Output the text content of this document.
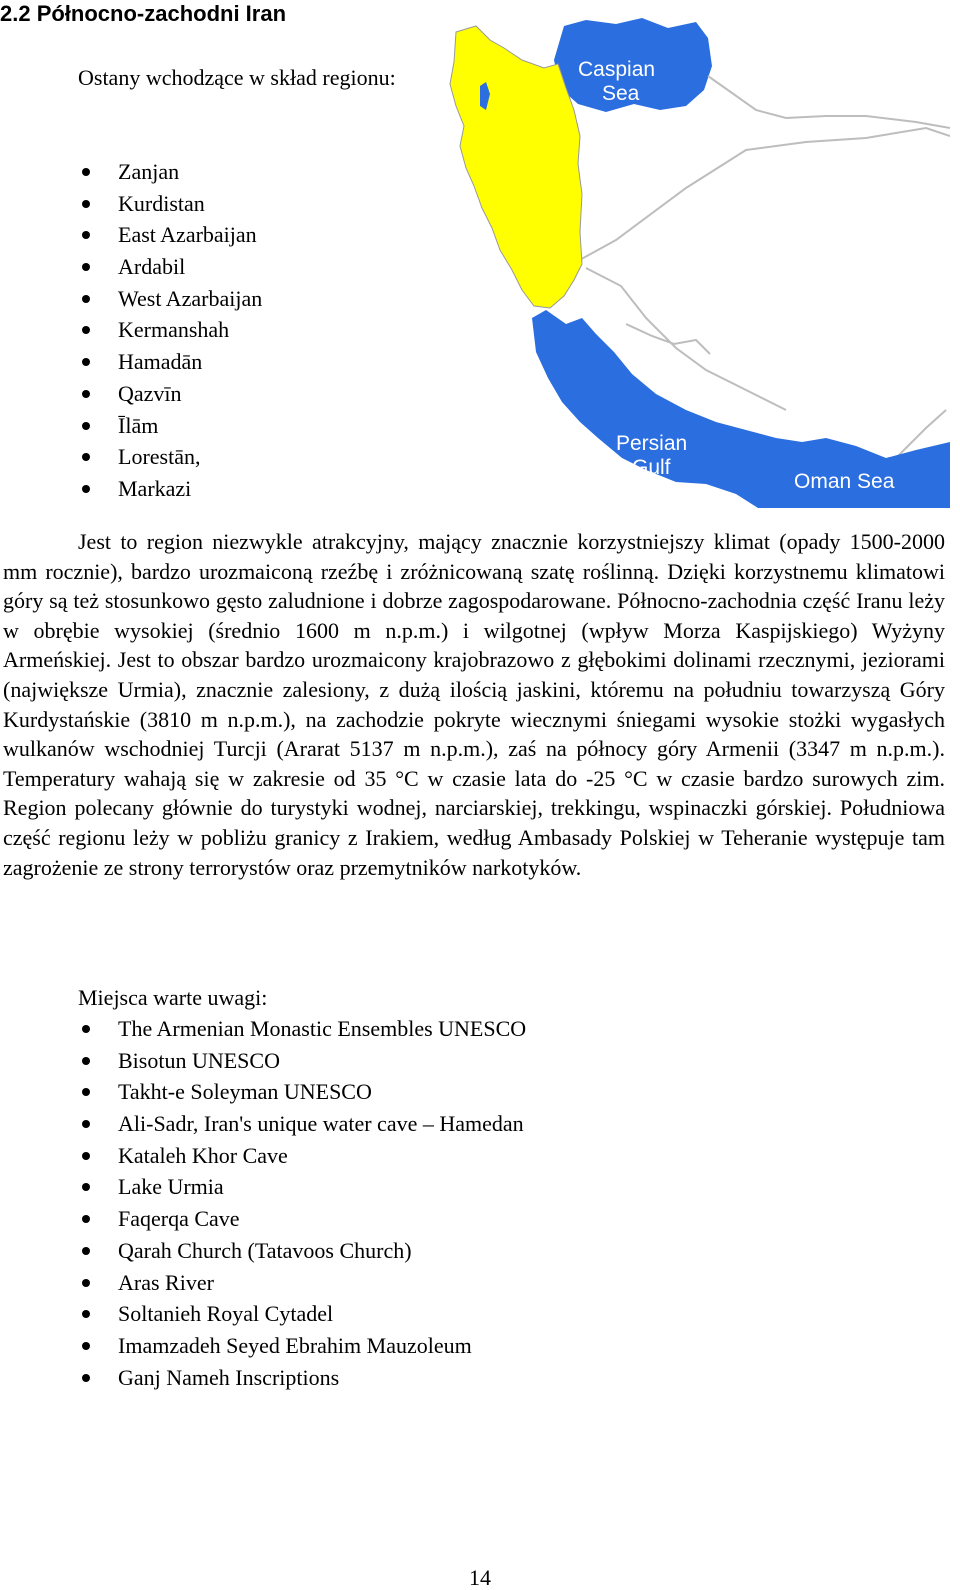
2.2 Północno-zachodni Iran

Ostany wchodzące w skład regionu:

Zanjan
Kurdistan
East Azarbaijan
Ardabil
West Azarbaijan
Kermanshah
Hamadān
Qazvīn
Īlām
Lorestān,
Markazi
Caspian
Sea
Persian
Gulf
Oman Sea

Jest to region niezwykle atrakcyjny, mający znacznie korzystniejszy klimat (opady 1500-2000 mm rocznie), bardzo urozmaiconą rzeźbę i zróżnicowaną szatę roślinną. Dzięki korzystnemu klimatowi góry są też stosunkowo gęsto zaludnione i dobrze zagospodarowane. Północno-zachodnia część Iranu leży w obrębie wysokiej (średnio 1600 m n.p.m.) i wilgotnej (wpływ Morza Kaspijskiego) Wyżyny Armeńskiej. Jest to obszar bardzo urozmaicony krajobrazowo z głębokimi dolinami rzecznymi, jeziorami (największe Urmia), znacznie zalesiony, z dużą ilością jaskini, któremu na południu towarzyszą Góry Kurdystańskie (3810 m n.p.m.), na zachodzie pokryte wiecznymi śniegami wysokie stożki wygasłych wulkanów wschodniej Turcji (Ararat 5137 m n.p.m.), zaś na północy góry Armenii (3347 m n.p.m.). Temperatury wahają się w zakresie od 35 °C w czasie lata do -25 °C w czasie bardzo surowych zim. Region polecany głównie do turystyki wodnej, narciarskiej, trekkingu, wspinaczki górskiej. Południowa część regionu leży w pobliżu granicy z Irakiem, według Ambasady Polskiej w Teheranie występuje tam zagrożenie ze strony terrorystów oraz przemytników narkotyków.

Miejsca warte uwagi:

The Armenian Monastic Ensembles UNESCO
Bisotun UNESCO
Takht-e Soleyman UNESCO
Ali-Sadr, Iran's unique water cave – Hamedan
Kataleh Khor Cave
Lake Urmia
Faqerqa Cave
Qarah Church (Tatavoos Church)
Aras River
Soltanieh Royal Cytadel
Imamzadeh Seyed Ebrahim Mauzoleum
Ganj Nameh Inscriptions
14
